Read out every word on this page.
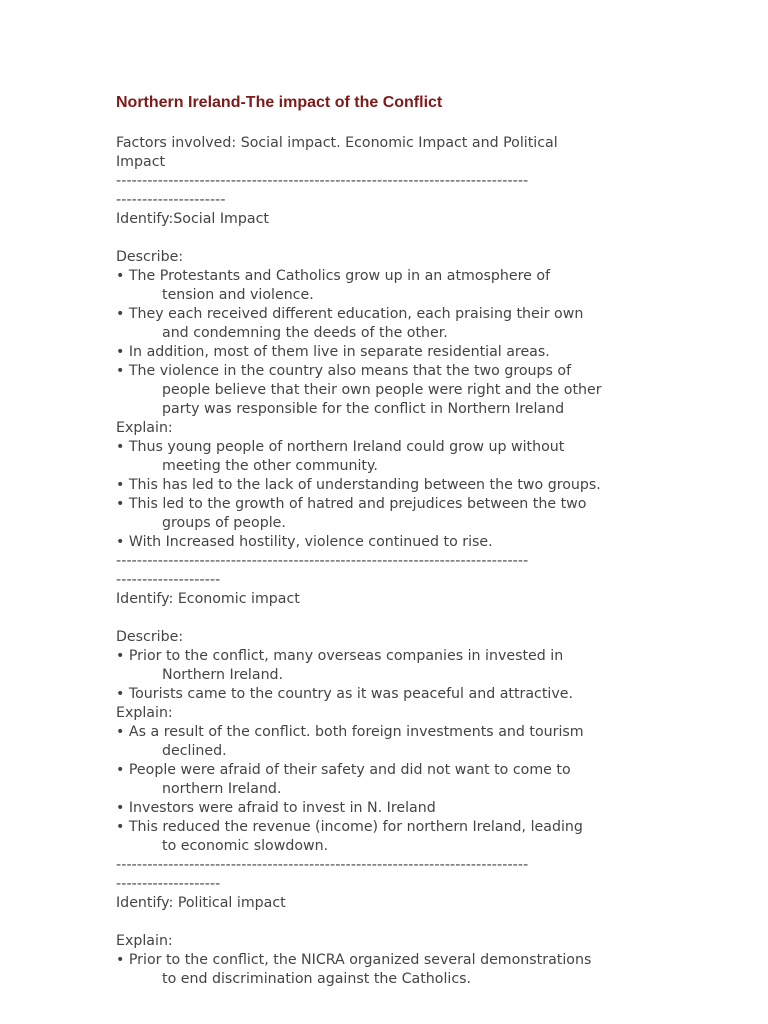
Northern Ireland-The impact of the Conflict
Factors involved: Social impact. Economic Impact and Political
Impact
-------------------------------------------------------------------------------
---------------------
Identify:Social Impact
Describe:
• The Protestants and Catholics grow up in an atmosphere of
tension and violence.
• They each received different education, each praising their own
and condemning the deeds of the other.
• In addition, most of them live in separate residential areas.
• The violence in the country also means that the two groups of
people believe that their own people were right and the other
party was responsible for the conflict in Northern Ireland
Explain:
• Thus young people of northern Ireland could grow up without
meeting the other community.
• This has led to the lack of understanding between the two groups.
• This led to the growth of hatred and prejudices between the two
groups of people.
• With Increased hostility, violence continued to rise.
-------------------------------------------------------------------------------
--------------------
Identify: Economic impact
Describe:
• Prior to the conflict, many overseas companies in invested in
Northern Ireland.
• Tourists came to the country as it was peaceful and attractive.
Explain:
• As a result of the conflict. both foreign investments and tourism
declined.
• People were afraid of their safety and did not want to come to
northern Ireland.
• Investors were afraid to invest in N. Ireland
• This reduced the revenue (income) for northern Ireland, leading
to economic slowdown.
-------------------------------------------------------------------------------
--------------------
Identify: Political impact
Explain:
• Prior to the conflict, the NICRA organized several demonstrations
to end discrimination against the Catholics.
